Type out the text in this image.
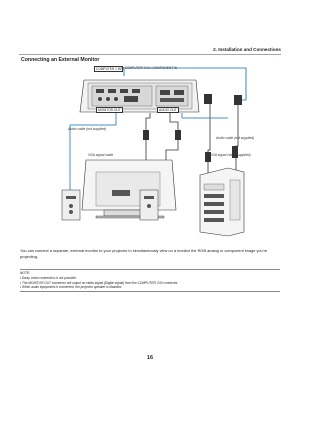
2. Installation and Connections
Connecting an External Monitor
COMPUTER 1 IN or COMPUTER 2 IN / COMPONENT IN
MONITOR OUT	AUDIO OUT
Audio cable (not supplied)
Audio cable (not supplied)
VGA signal cable (supplied)
VGA signal cable
You can connect a separate, external monitor to your projector to simultaneously view on a monitor the RGB analog or component image you’re projecting.
NOTE:
• Daisy chain connection is not possible.
• The MONITOR OUT connector will output no video signal (Digital signal) from the COMPUTER 3 IN connector.
• When audio equipment is connected, the projector speaker is disabled.
16
